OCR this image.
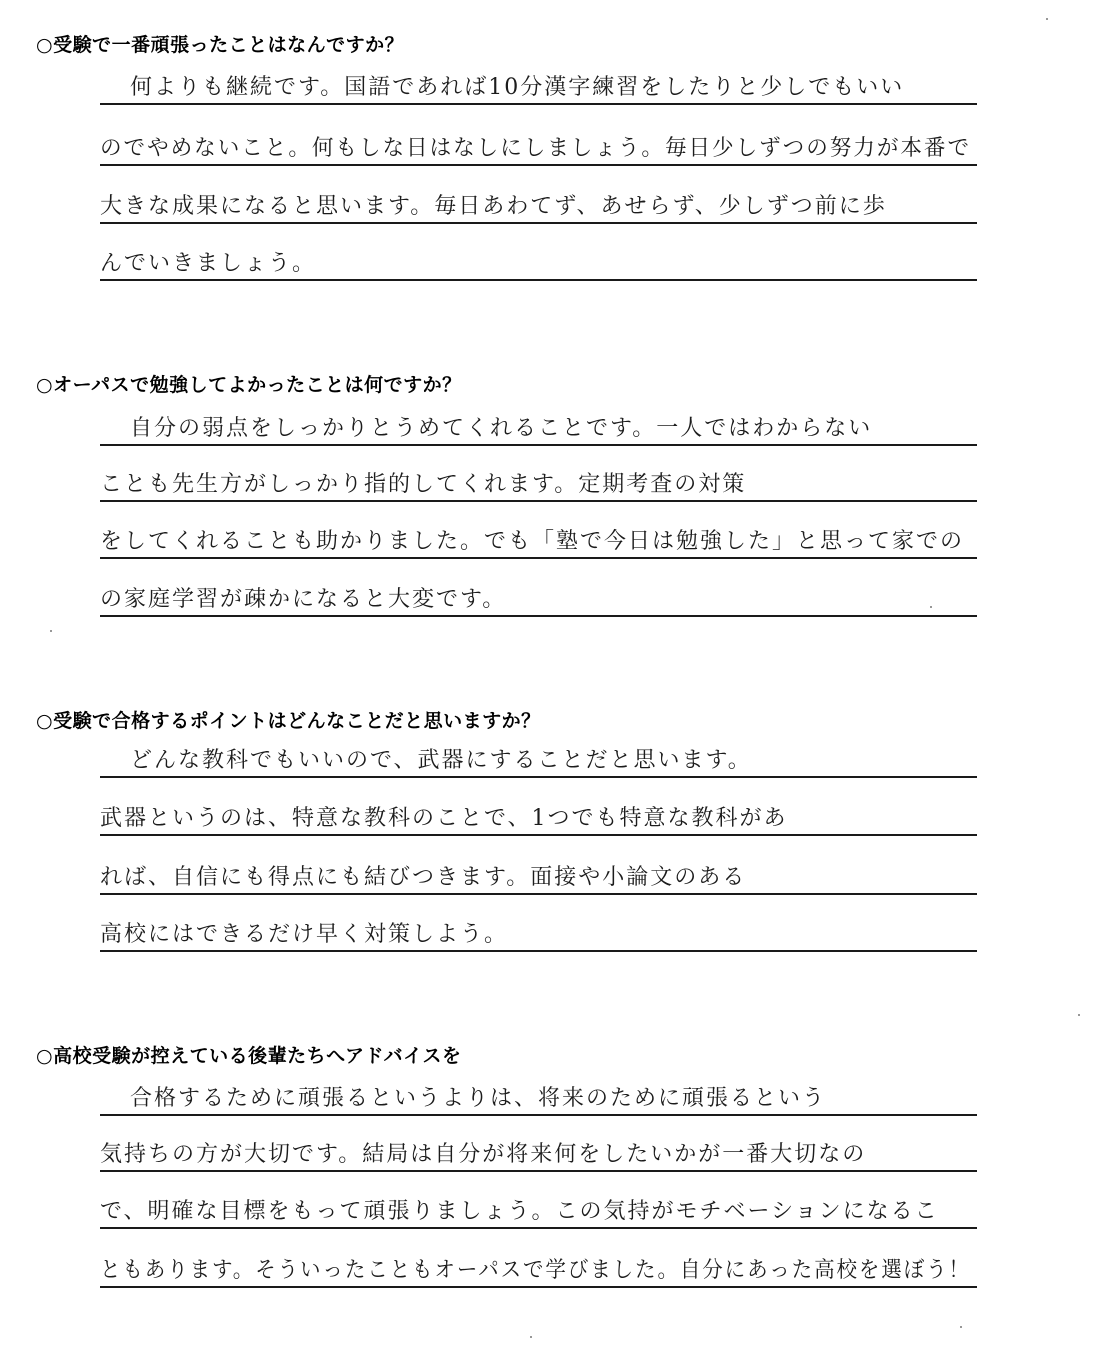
○受験で一番頑張ったことはなんですか？
何よりも継続です。国語であれば10分漢字練習をしたりと少しでもいい
のでやめないこと。何もしな日はなしにしましょう。毎日少しずつの努力が本番で
大きな成果になると思います。毎日あわてず、あせらず、少しずつ前に歩
んでいきましょう。
○オーパスで勉強してよかったことは何ですか？
自分の弱点をしっかりとうめてくれることです。一人ではわからない
ことも先生方がしっかり指的してくれます。定期考査の対策
をしてくれることも助かりました。でも「塾で今日は勉強した」と思って家での
の家庭学習が疎かになると大変です。
○受験で合格するポイントはどんなことだと思いますか？
どんな教科でもいいので、武器にすることだと思います。
武器というのは、特意な教科のことで、1つでも特意な教科があ
れば、自信にも得点にも結びつきます。面接や小論文のある
高校にはできるだけ早く対策しよう。
○高校受験が控えている後輩たちへアドバイスを
合格するために頑張るというよりは、将来のために頑張るという
気持ちの方が大切です。結局は自分が将来何をしたいかが一番大切なの
で、明確な目標をもって頑張りましょう。この気持がモチベーションになるこ
ともあります。そういったこともオーパスで学びました。自分にあった高校を選ぼう！
